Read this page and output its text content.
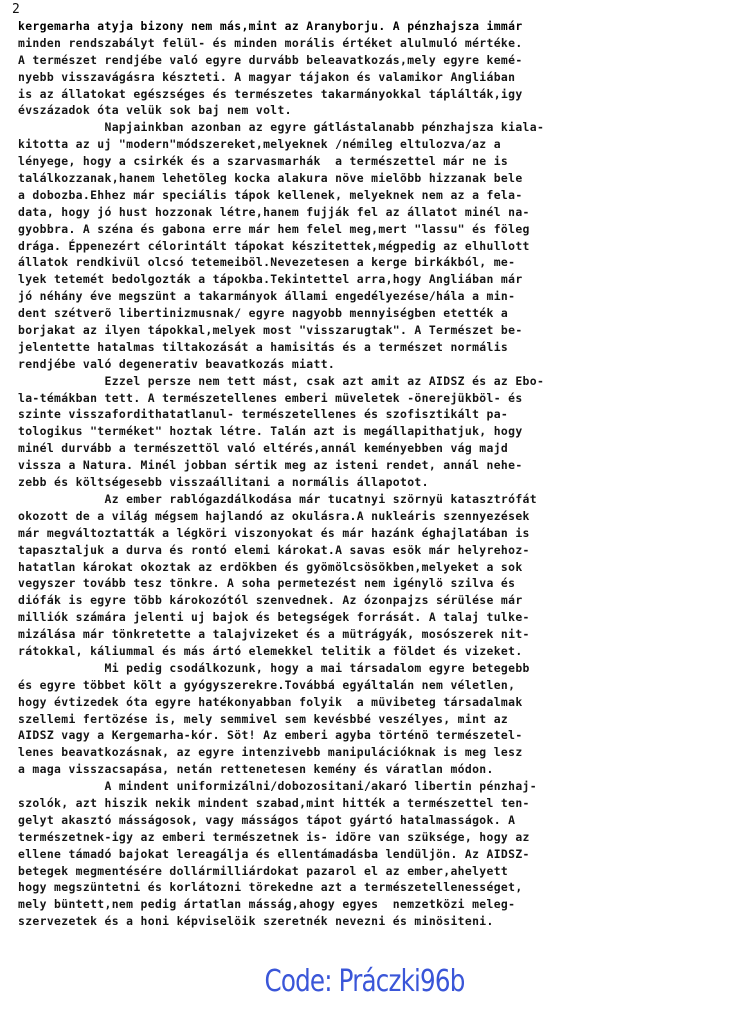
2
kergemarha atyja bizony nem más,mint az Aranyborju. A pénzhajsza immár
minden rendszabályt felül- és minden morális értéket alulmuló mértéke.
A természet rendjébe való egyre durvább beleavatkozás,mely egyre kemé-
nyebb visszavágásra készteti. A magyar tájakon és valamikor Angliában
is az állatokat egészséges és természetes takarmányokkal táplálták,igy
évszázadok óta velük sok baj nem volt.
Napjainkban azonban az egyre gátlástalanabb pénzhajsza kiala-
kitotta az uj "modern"módszereket,melyeknek /némileg eltulozva/az a
lényege, hogy a csirkék és a szarvasmarhák  a természettel már ne is
találkozzanak,hanem lehetõleg kocka alakura növe mielõbb hizzanak bele
a dobozba.Ehhez már speciális tápok kellenek, melyeknek nem az a fela-
data, hogy jó hust hozzonak létre,hanem fujják fel az állatot minél na-
gyobbra. A széna és gabona erre már hem felel meg,mert "lassu" és föleg
drága. Éppenezért célorintált tápokat készitettek,mégpedig az elhullott
állatok rendkivül olcsó tetemeiböl.Nevezetesen a kerge birkákból, me-
lyek tetemét bedolgozták a tápokba.Tekintettel arra,hogy Angliában már
jó néhány éve megszünt a takarmányok állami engedélyezése/hála a min-
dent szétverõ libertinizmusnak/ egyre nagyobb mennyiségben etették a
borjakat az ilyen tápokkal,melyek most "visszarugtak". A Természet be-
jelentette hatalmas tiltakozását a hamisitás és a természet normális
rendjébe való degenerativ beavatkozás miatt.
Ezzel persze nem tett mást, csak azt amit az AIDSZ és az Ebo-
la-témákban tett. A természetellenes emberi müveletek -önerejükböl- és
szinte visszafordithatatlanul- természetellenes és szofisztikált pa-
tologikus "terméket" hoztak létre. Talán azt is megállapithatjuk, hogy
minél durvább a természettöl való eltérés,annál keményebben vág majd
vissza a Natura. Minél jobban sértik meg az isteni rendet, annál nehe-
zebb és költségesebb visszaállitani a normális állapotot.
Az ember rablógazdálkodása már tucatnyi szörnyü katasztrófát
okozott de a világ mégsem hajlandó az okulásra.A nukleáris szennyezések
már megváltoztatták a légköri viszonyokat és már hazánk éghajlatában is
tapasztaljuk a durva és rontó elemi károkat.A savas esök már helyrehoz-
hatatlan károkat okoztak az erdökben és gyömölcsösökben,melyeket a sok
vegyszer tovább tesz tönkre. A soha permetezést nem igénylö szilva és
diófák is egyre több károkozótól szenvednek. Az ózonpajzs sérülése már
milliók számára jelenti uj bajok és betegségek forrását. A talaj tulke-
mizálása már tönkretette a talajvizeket és a mütrágyák, mosószerek nit-
rátokkal, káliummal és más ártó elemekkel telitik a földet és vizeket.
Mi pedig csodálkozunk, hogy a mai társadalom egyre betegebb
és egyre többet költ a gyógyszerekre.Továbbá egyáltalán nem véletlen,
hogy évtizedek óta egyre hatékonyabban folyik  a müvibeteg társadalmak
szellemi fertözése is, mely semmivel sem kevésbbé veszélyes, mint az
AIDSZ vagy a Kergemarha-kór. Söt! Az emberi agyba történö természetel-
lenes beavatkozásnak, az egyre intenzivebb manipulációknak is meg lesz
a maga visszacsapása, netán rettenetesen kemény és váratlan módon.
A mindent uniformizálni/dobozositani/akaró libertin pénzhaj-
szolók, azt hiszik nekik mindent szabad,mint hitték a természettel ten-
gelyt akasztó másságosok, vagy másságos tápot gyártó hatalmasságok. A
természetnek-igy az emberi természetnek is- idöre van szüksége, hogy az
ellene támadó bajokat lereagálja és ellentámadásba lendüljön. Az AIDSZ-
betegek megmentésére dollármilliárdokat pazarol el az ember,ahelyett
hogy megszüntetni és korlátozni törekedne azt a természetellenességet,
mely büntett,nem pedig ártatlan másság,ahogy egyes  nemzetközi meleg-
szervezetek és a honi képviselöik szeretnék nevezni és minösiteni.
Code: Práczki96b
